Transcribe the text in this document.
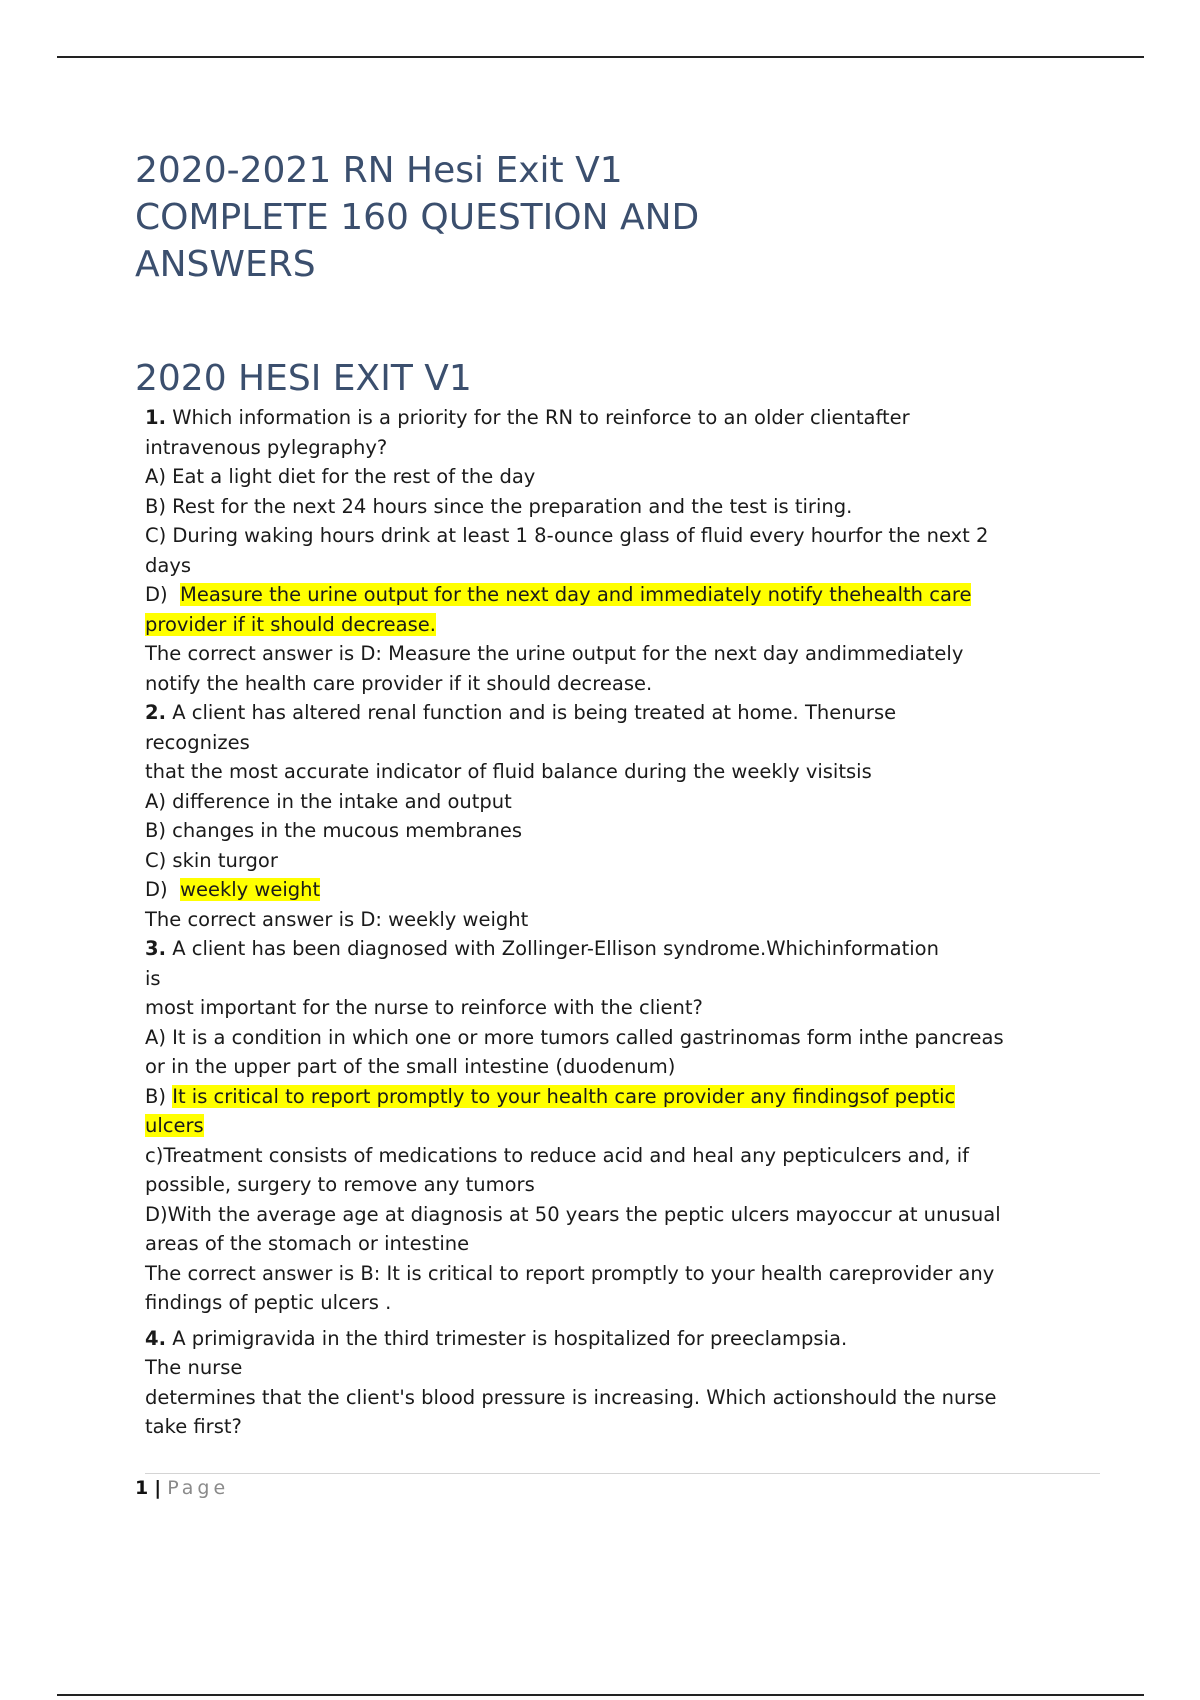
2020-2021 RN Hesi Exit V1
COMPLETE 160 QUESTION AND
ANSWERS
2020 HESI EXIT V1
1. Which information is a priority for the RN to reinforce to an older clientafter
intravenous pylegraphy?
A) Eat a light diet for the rest of the day
B) Rest for the next 24 hours since the preparation and the test is tiring.
C) During waking hours drink at least 1 8-ounce glass of fluid every hourfor the next 2
days
D)  Measure the urine output for the next day and immediately notify thehealth care
provider if it should decrease.
The correct answer is D: Measure the urine output for the next day andimmediately
notify the health care provider if it should decrease.
2. A client has altered renal function and is being treated at home. Thenurse
recognizes
that the most accurate indicator of fluid balance during the weekly visitsis
A) difference in the intake and output
B) changes in the mucous membranes
C) skin turgor
D)  weekly weight
The correct answer is D: weekly weight
3. A client has been diagnosed with Zollinger-Ellison syndrome.Whichinformation
is
most important for the nurse to reinforce with the client?
A) It is a condition in which one or more tumors called gastrinomas form inthe pancreas
or in the upper part of the small intestine (duodenum)
B) It is critical to report promptly to your health care provider any findingsof peptic
ulcers
c)Treatment consists of medications to reduce acid and heal any pepticulcers and, if
possible, surgery to remove any tumors
D)With the average age at diagnosis at 50 years the peptic ulcers mayoccur at unusual
areas of the stomach or intestine
The correct answer is B: It is critical to report promptly to your health careprovider any
findings of peptic ulcers .
4. A primigravida in the third trimester is hospitalized for preeclampsia.
The nurse
determines that the client's blood pressure is increasing. Which actionshould the nurse
take first?
1 | Page
